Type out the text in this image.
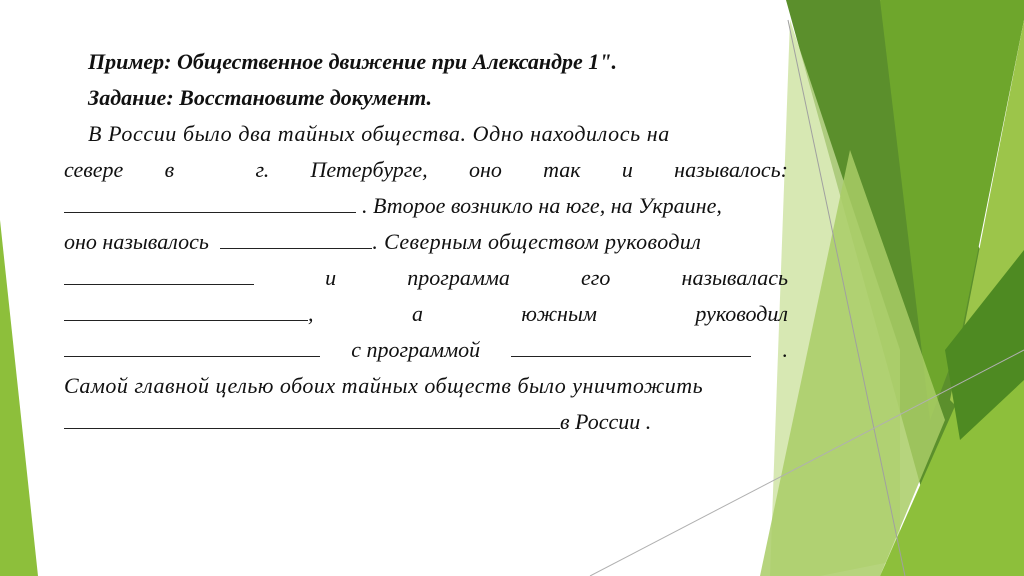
Пример: Общественное движение при Александре 1".
Задание: Восстановите документ.
В России было два тайных общества. Одно находилось на
севере в	г. Петербурге, оно так и называлось:
. Второе возникло на юге, на Украине,
оно называлось	. Северным обществом руководил
и	программа	его	называлась
,	а	южным	руководил
с программой	.
Самой главной целью обоих тайных обществ было уничтожить
в России .
